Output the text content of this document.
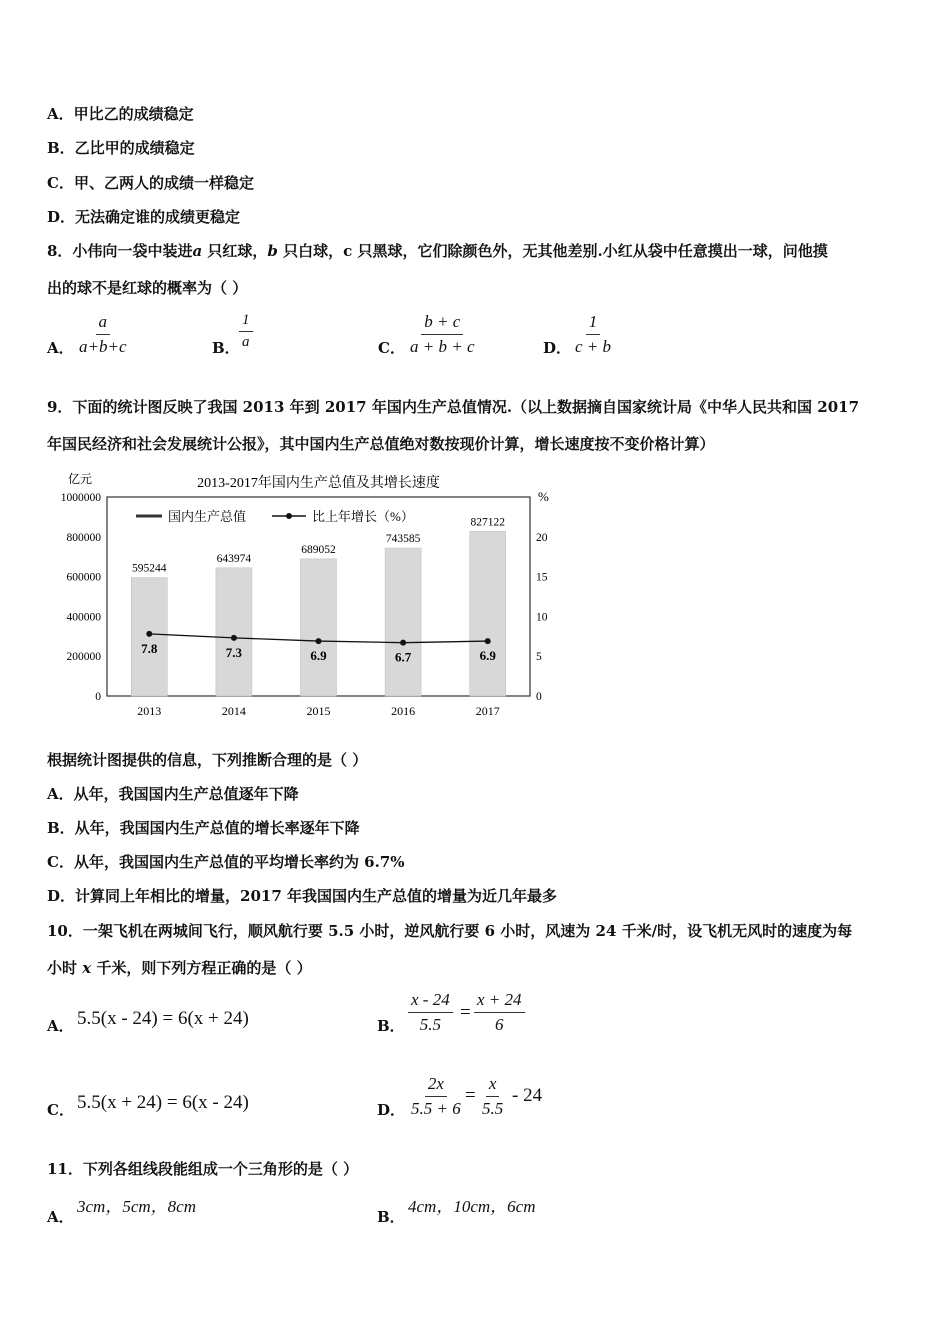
A．甲比乙的成绩稳定
B．乙比甲的成绩稳定
C．甲、乙两人的成绩一样稳定
D．无法确定谁的成绩更稳定
8．小伟向一袋中装进a 只红球，b 只白球，c 只黑球，它们除颜色外，无其他差别.小红从袋中任意摸出一球，问他摸
出的球不是红球的概率为（ ）
A． $\frac{a}{a+b+c}$	B． $\frac{1}{a}$	C． $\frac{b + c}{a + b + c}$	D． $\frac{1}{c + b}$
9．下面的统计图反映了我国 2013 年到 2017 年国内生产总值情况.（以上数据摘自国家统计局《中华人民共和国 2017
年国民经济和社会发展统计公报》，其中国内生产总值绝对数按现价计算，增长速度按不变价格计算）
2013-2017年国内生产总值及其增长速度
亿元
%
1000000
800000
600000
400000
200000
0
20
15
10
5
0
国内生产总值	比上年增长（%）
595244
643974
689052
743585
827122
7.8	7.3	6.9	6.7	6.9
2013	2014	2015	2016	2017
根据统计图提供的信息，下列推断合理的是（ ）
A．从年，我国国内生产总值逐年下降
B．从年，我国国内生产总值的增长率逐年下降
C．从年，我国国内生产总值的平均增长率约为 6.7%
D．计算同上年相比的增量，2017 年我国国内生产总值的增量为近几年最多
10．一架飞机在两城间飞行，顺风航行要 5.5 小时，逆风航行要 6 小时，风速为 24 千米/时，设飞机无风时的速度为每
小时 x 千米，则下列方程正确的是（ ）
A． 5.5(x - 24) = 6(x + 24)	B． $\frac{x - 24}{5.5} = \frac{x + 24}{6}$
C． 5.5(x + 24) = 6(x - 24)	D． $\frac{2x}{5.5 + 6} = \frac{x}{5.5} - 24$
11．下列各组线段能组成一个三角形的是（ ）
A．
3cm，5cm，8cm
B．
4cm，10cm，6cm
